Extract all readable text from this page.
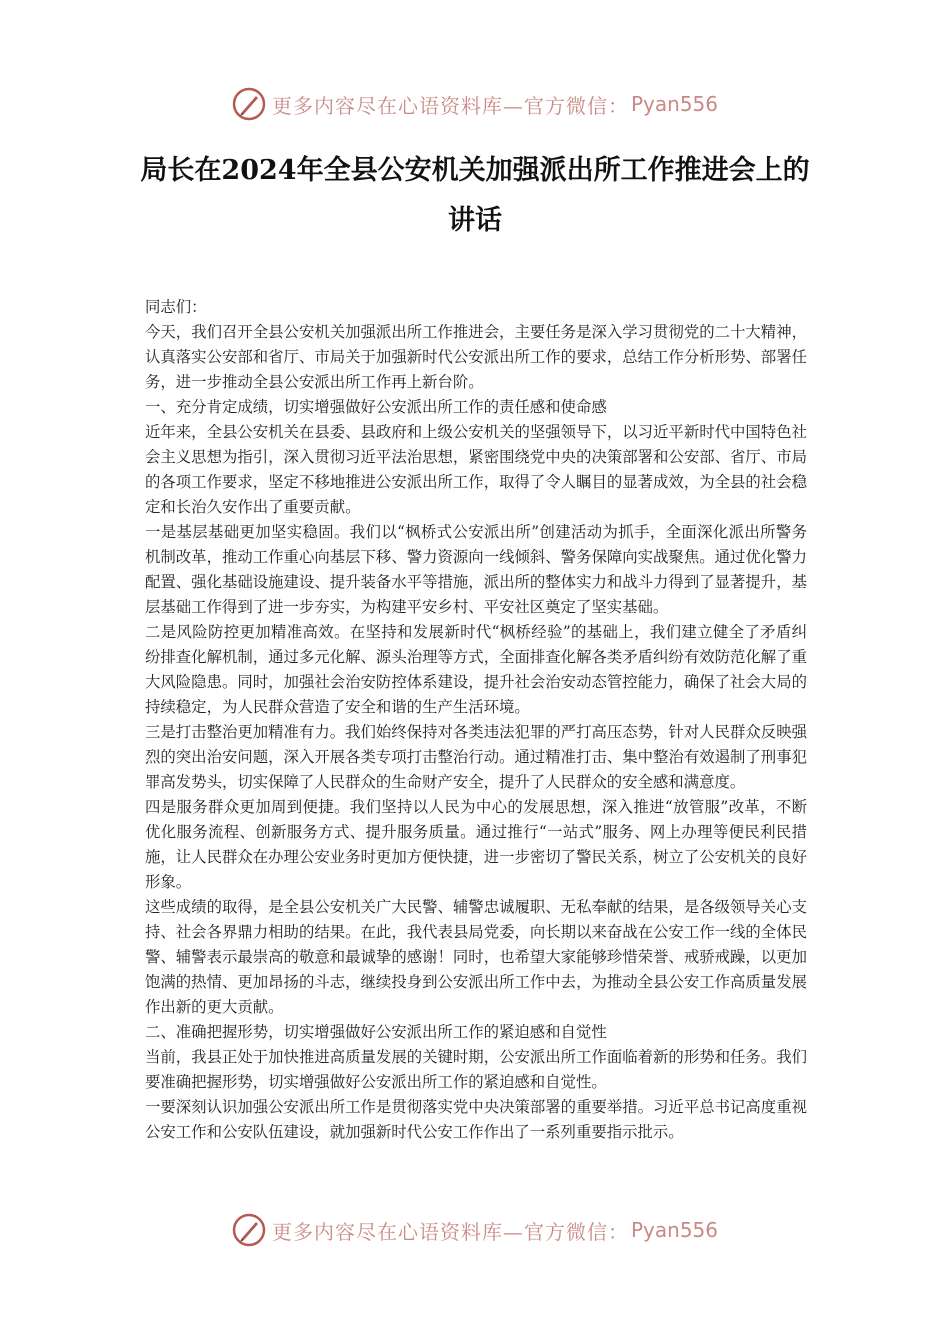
更多内容尽在心语资料库—官方微信： Pyan556
局长在2024年全县公安机关加强派出所工作推进会上的讲话

同志们：

今天，我们召开全县公安机关加强派出所工作推进会，主要任务是深入学习贯彻党的二十大精神，认真落实公安部和省厅、市局关于加强新时代公安派出所工作的要求，总结工作分析形势、部署任务，进一步推动全县公安派出所工作再上新台阶。

一、充分肯定成绩，切实增强做好公安派出所工作的责任感和使命感

近年来，全县公安机关在县委、县政府和上级公安机关的坚强领导下，以习近平新时代中国特色社会主义思想为指引，深入贯彻习近平法治思想，紧密围绕党中央的决策部署和公安部、省厅、市局的各项工作要求，坚定不移地推进公安派出所工作，取得了令人瞩目的显著成效，为全县的社会稳定和长治久安作出了重要贡献。

一是基层基础更加坚实稳固。我们以“枫桥式公安派出所”创建活动为抓手，全面深化派出所警务机制改革，推动工作重心向基层下移、警力资源向一线倾斜、警务保障向实战聚焦。通过优化警力配置、强化基础设施建设、提升装备水平等措施，派出所的整体实力和战斗力得到了显著提升，基层基础工作得到了进一步夯实，为构建平安乡村、平安社区奠定了坚实基础。

二是风险防控更加精准高效。在坚持和发展新时代“枫桥经验”的基础上，我们建立健全了矛盾纠纷排查化解机制，通过多元化解、源头治理等方式，全面排查化解各类矛盾纠纷有效防范化解了重大风险隐患。同时，加强社会治安防控体系建设，提升社会治安动态管控能力，确保了社会大局的持续稳定，为人民群众营造了安全和谐的生产生活环境。

三是打击整治更加精准有力。我们始终保持对各类违法犯罪的严打高压态势，针对人民群众反映强烈的突出治安问题，深入开展各类专项打击整治行动。通过精准打击、集中整治有效遏制了刑事犯罪高发势头，切实保障了人民群众的生命财产安全，提升了人民群众的安全感和满意度。

四是服务群众更加周到便捷。我们坚持以人民为中心的发展思想，深入推进“放管服”改革，不断优化服务流程、创新服务方式、提升服务质量。通过推行“一站式”服务、网上办理等便民利民措施，让人民群众在办理公安业务时更加方便快捷，进一步密切了警民关系，树立了公安机关的良好形象。

这些成绩的取得，是全县公安机关广大民警、辅警忠诚履职、无私奉献的结果，是各级领导关心支持、社会各界鼎力相助的结果。在此，我代表县局党委，向长期以来奋战在公安工作一线的全体民警、辅警表示最崇高的敬意和最诚挚的感谢！同时，也希望大家能够珍惜荣誉、戒骄戒躁，以更加饱满的热情、更加昂扬的斗志，继续投身到公安派出所工作中去，为推动全县公安工作高质量发展作出新的更大贡献。

二、准确把握形势，切实增强做好公安派出所工作的紧迫感和自觉性

当前，我县正处于加快推进高质量发展的关键时期，公安派出所工作面临着新的形势和任务。我们要准确把握形势，切实增强做好公安派出所工作的紧迫感和自觉性。

一要深刻认识加强公安派出所工作是贯彻落实党中央决策部署的重要举措。习近平总书记高度重视公安工作和公安队伍建设，就加强新时代公安工作作出了一系列重要指示批示。

更多内容尽在心语资料库—官方微信： Pyan556
